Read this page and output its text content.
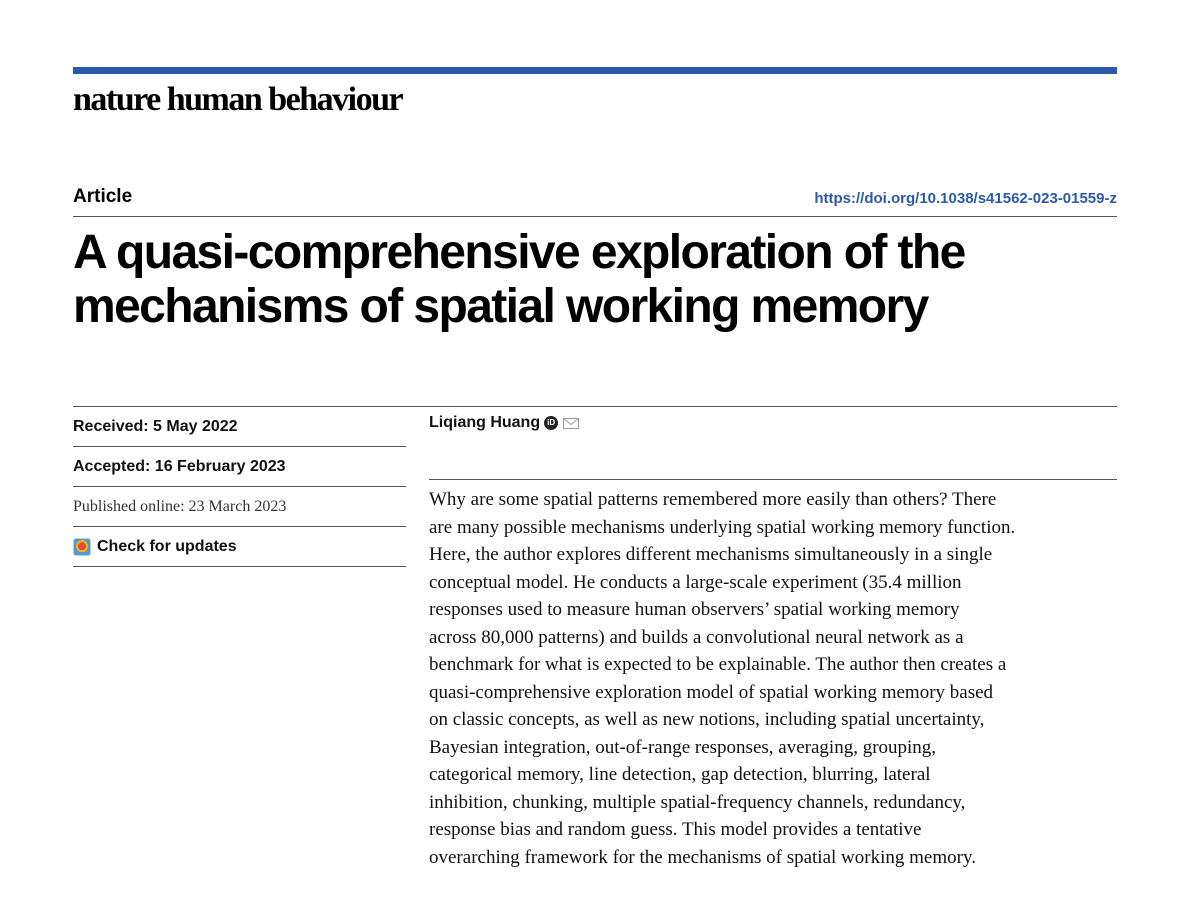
nature human behaviour
Article	https://doi.org/10.1038/s41562-023-01559-z
A quasi-comprehensive exploration of the
mechanisms of spatial working memory
Received: 5 May 2022
Accepted: 16 February 2023
Published online: 23 March 2023
Check for updates
Liqiang Huang iD

Why are some spatial patterns remembered more easily than others? There
are many possible mechanisms underlying spatial working memory function.
Here, the author explores different mechanisms simultaneously in a single
conceptual model. He conducts a large-scale experiment (35.4 million
responses used to measure human observers’ spatial working memory
across 80,000 patterns) and builds a convolutional neural network as a
benchmark for what is expected to be explainable. The author then creates a
quasi-comprehensive exploration model of spatial working memory based
on classic concepts, as well as new notions, including spatial uncertainty,
Bayesian integration, out-of-range responses, averaging, grouping,
categorical memory, line detection, gap detection, blurring, lateral
inhibition, chunking, multiple spatial-frequency channels, redundancy,
response bias and random guess. This model provides a tentative
overarching framework for the mechanisms of spatial working memory.
